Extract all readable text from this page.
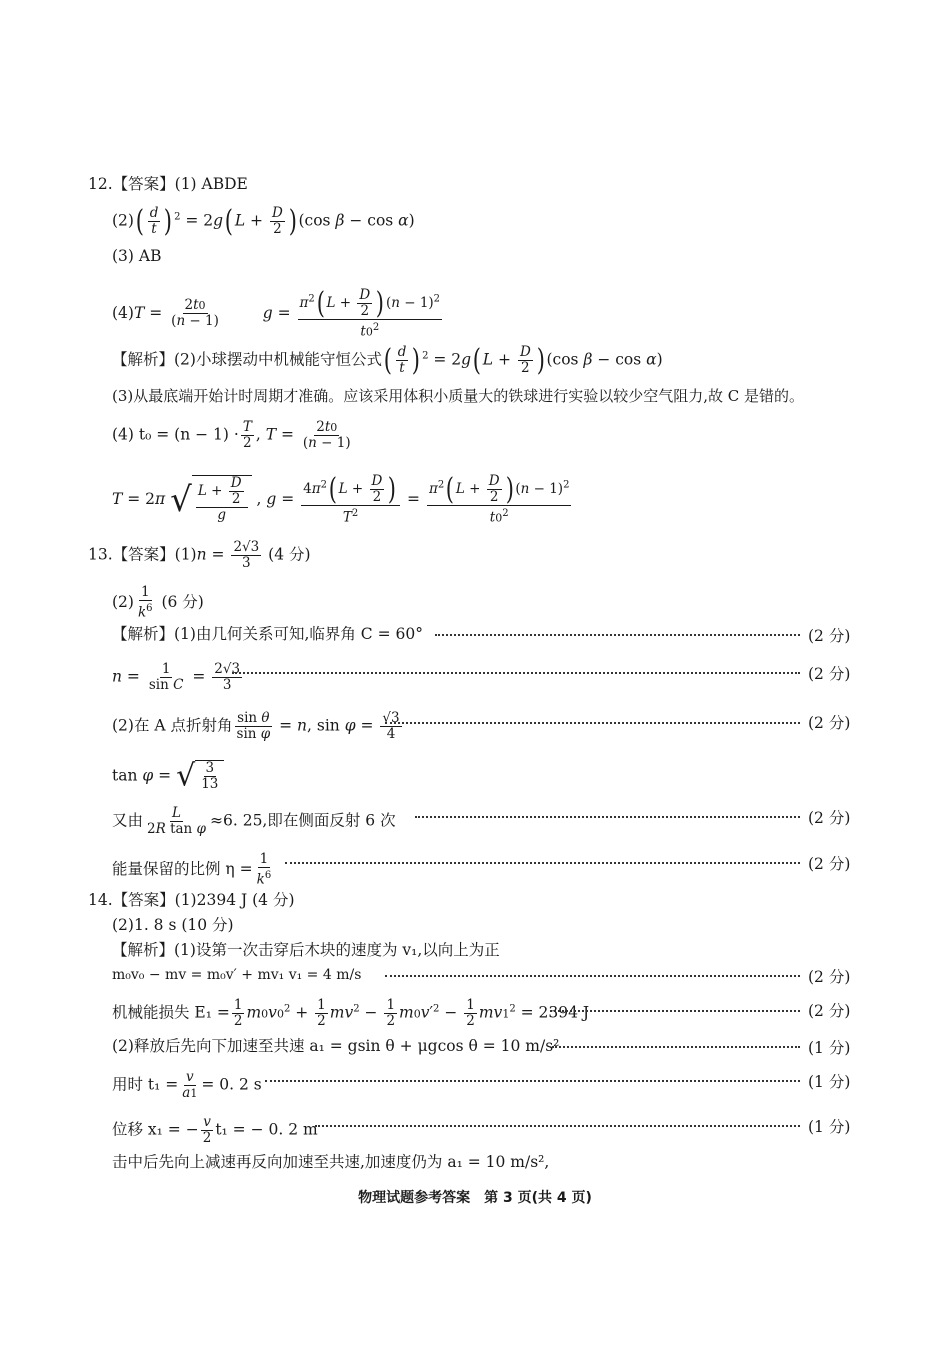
12.【答案】(1) ABDE
$(2)( \frac{d}{t}$ ) $^2$ = 2g( $L + \frac{D}{2}$ ) (cos β − cos α)
(3) AB
$(4)T = \frac{2t0}{(n - 1)}$	$g = \frac{\pi^2( L + \frac{D}{2} ) (n - 1)^2}{t0^2}$
【解析】(2)小球摆动中机械能守恒公式( $\frac{d}{t}$ ) $^2$ = 2g( $L + \frac{D}{2}$ ) (cos β − cos α)
(3)从最底端开始计时周期才准确。应该采用体积小质量大的铁球进行实验以较少空气阻力,故 C 是错的。
(4) $t_0 = (n - 1) \cdot \frac{T}{2}$ , $T = \frac{2t0}{(n - 1)}$
T = 2π √ $\frac{L + \frac{D}{2}}{g}$ , $g = \frac{4\pi^2( L + \frac{D}{2} )}{T^2} = \frac{\pi^2( L + \frac{D}{2} ) (n - 1)^2}{t0^2}$
13.【答案】$(1)n = \frac{2√3}{3} (4$ 分)
$(2) \frac{1}{k^6} (6$ 分)
【解析】(1)由几何关系可知,临界角 C = 60°	(2 分)
$n = \frac{1}{\text{sin C}} = \frac{2√3}{3}$	(2 分)
(2)在 A 点折射角 $\frac{\text{sin θ}}{\text{sin φ}} = n$, $\sin \varphi = \frac{√3}{4}$	(2 分)
tan φ = √ $\frac{3}{13}$
又由 $\frac{L}{\text{2R tan φ}} \approx 6$. 25,即在侧面反射 6 次	(2 分)
能量保留的比例 $\eta = \frac{1}{k^6}$	(2 分)
14.【答案】(1)2394 J (4 分)
(2)1. 8 s (10 分)
【解析】(1)设第一次击穿后木块的速度为 v₁,以向上为正
m₀v₀ − mv = m₀v′ + mv₁ v₁ = 4 m/s	(2 分)
机械能损失 $E_1 = \frac{1}{2} m0v0^2 + \frac{1}{2} mv^2 - \frac{1}{2} m0v'^2 - \frac{1}{2} mv1^2 = 2394$ J	(2 分)
(2)释放后先向下加速至共速 a₁ = gsin θ + μgcos θ = 10 m/s²	(1 分)
用时 $t_1 = \frac{v}{a1} = 0$. 2 s	(1 分)
位移 x₁ = − $\frac{v}{2} t_1$ = − 0. 2 m	(1 分)
击中后先向上减速再反向加速至共速,加速度仍为 a₁ = 10 m/s²,
物理试题参考答案　第 3 页(共 4 页)
